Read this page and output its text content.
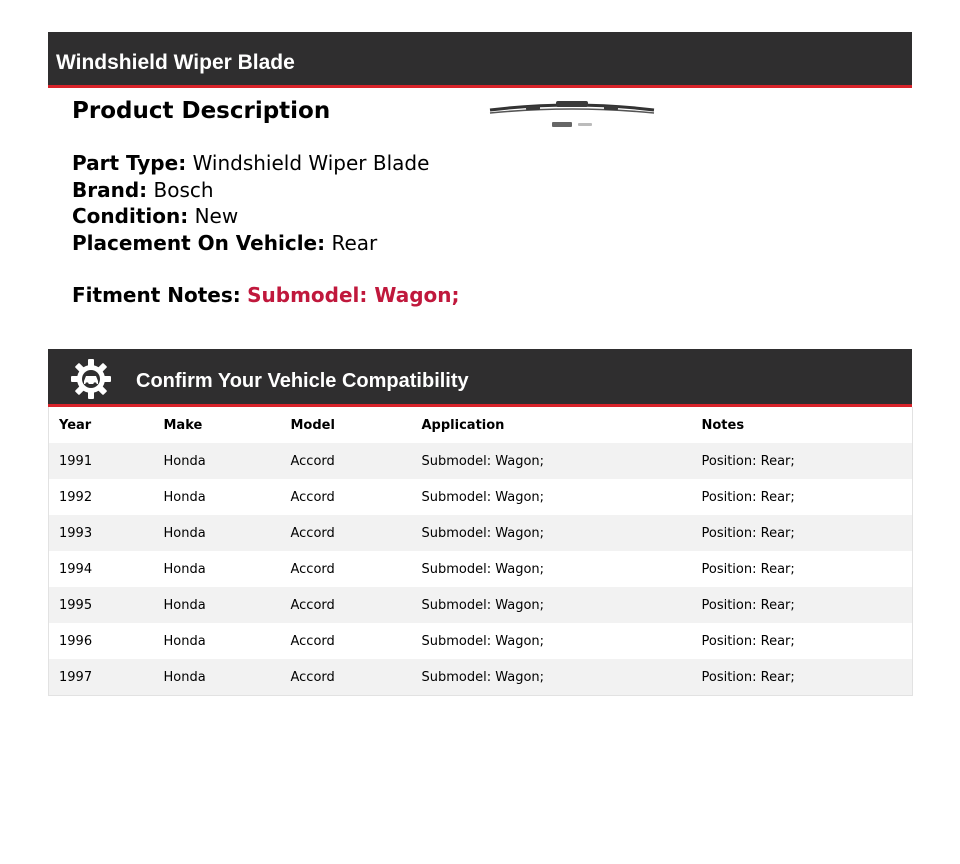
Windshield Wiper Blade
Product Description
Part Type: Windshield Wiper Blade
Brand: Bosch
Condition: New
Placement On Vehicle: Rear
Fitment Notes: Submodel: Wagon;
Confirm Your Vehicle Compatibility
Year	Make	Model	Application	Notes
1991	Honda	Accord	Submodel: Wagon;	Position: Rear;
1992	Honda	Accord	Submodel: Wagon;	Position: Rear;
1993	Honda	Accord	Submodel: Wagon;	Position: Rear;
1994	Honda	Accord	Submodel: Wagon;	Position: Rear;
1995	Honda	Accord	Submodel: Wagon;	Position: Rear;
1996	Honda	Accord	Submodel: Wagon;	Position: Rear;
1997	Honda	Accord	Submodel: Wagon;	Position: Rear;
